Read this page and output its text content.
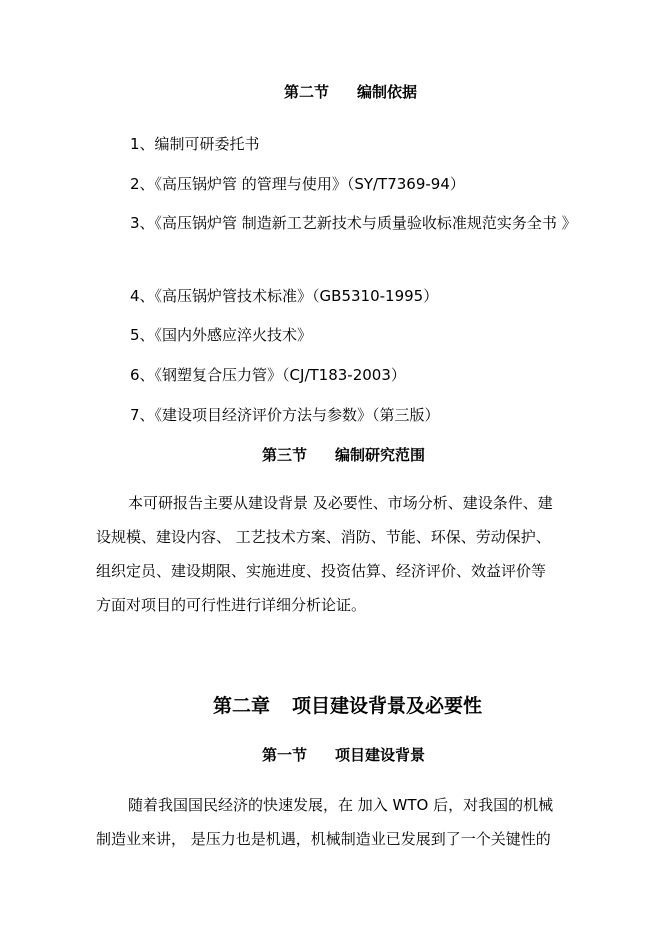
第二节 编制依据
1、编制可研委托书
2、《高压锅炉管 的管理与使用》（SY/T7369-94）
3、《高压锅炉管 制造新工艺新技术与质量验收标准规范实务全书 》
4、《高压锅炉管技术标准》（GB5310-1995）
5、《国内外感应淬火技术》
6、《钢塑复合压力管》（CJ/T183-2003）
7、《建设项目经济评价方法与参数》（第三版）
第三节 编制研究范围
本可研报告主要从建设背景 及必要性、市场分析、建设条件、建
设规模、建设内容、 工艺技术方案、消防、节能、环保、劳动保护、
组织定员、建设期限、实施进度、投资估算、经济评价、效益评价等
方面对项目的可行性进行详细分析论证。
第二章 项目建设背景及必要性
第一节 项目建设背景
随着我国国民经济的快速发展，在 加入 WTO 后，对我国的机械
制造业来讲， 是压力也是机遇，机械制造业已发展到了一个关键性的
